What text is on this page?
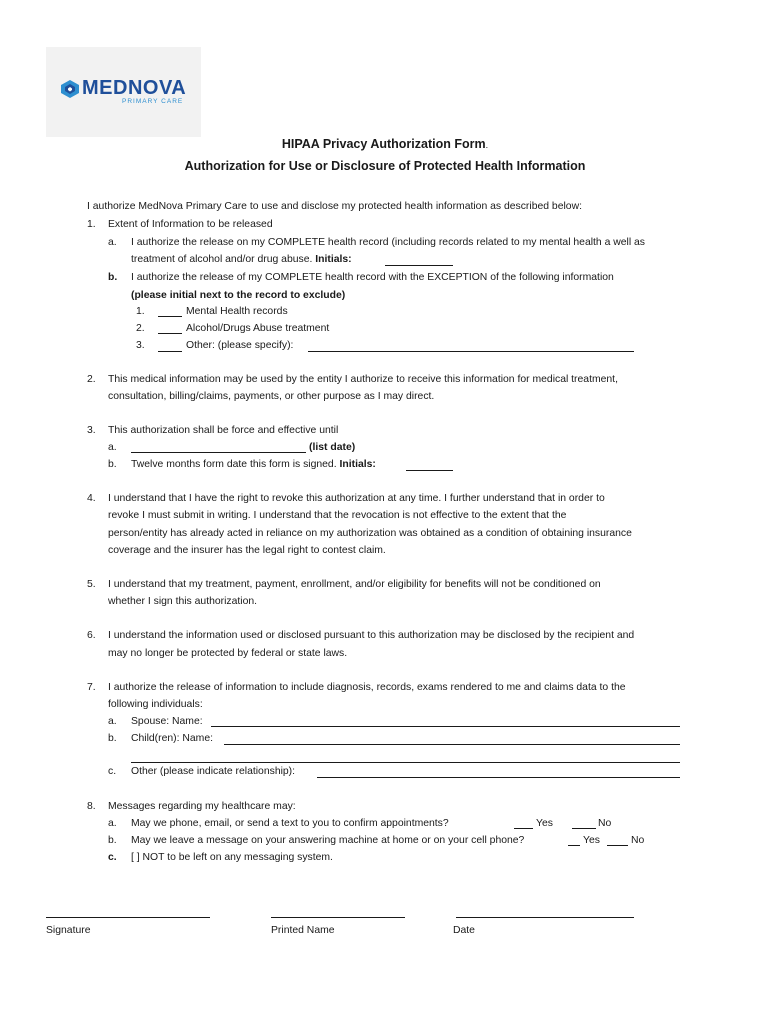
MEDNOVA
PRIMARY CARE
HIPAA Privacy Authorization Form.
Authorization for Use or Disclosure of Protected Health Information
I authorize MedNova Primary Care to use and disclose my protected health information as described below:
1. Extent of Information to be released
a. I authorize the release on my COMPLETE health record (including records related to my mental health a well as
treatment of alcohol and/or drug abuse. Initials:
b. I authorize the release of my COMPLETE health record with the EXCEPTION of the following information
(please initial next to the record to exclude)
1.	Mental Health records
2.	Alcohol/Drugs Abuse treatment
3.	Other: (please specify):
2. This medical information may be used by the entity I authorize to receive this information for medical treatment,
consultation, billing/claims, payments, or other purpose as I may direct.
3. This authorization shall be force and effective until
a.	(list date)
b. Twelve months form date this form is signed. Initials:
4. I understand that I have the right to revoke this authorization at any time. I further understand that in order to
revoke I must submit in writing. I understand that the revocation is not effective to the extent that the
person/entity has already acted in reliance on my authorization was obtained as a condition of obtaining insurance
coverage and the insurer has the legal right to contest claim.
5. I understand that my treatment, payment, enrollment, and/or eligibility for benefits will not be conditioned on
whether I sign this authorization.
6. I understand the information used or disclosed pursuant to this authorization may be disclosed by the recipient and
may no longer be protected by federal or state laws.
7. I authorize the release of information to include diagnosis, records, exams rendered to me and claims data to the
following individuals:
a. Spouse: Name:
b. Child(ren): Name:
c. Other (please indicate relationship):
8. Messages regarding my healthcare may:
a. May we phone, email, or send a text to you to confirm appointments?	Yes	No
b. May we leave a message on your answering machine at home or on your cell phone?	Yes	No
c. [ ] NOT to be left on any messaging system.
Signature	Printed Name	Date
